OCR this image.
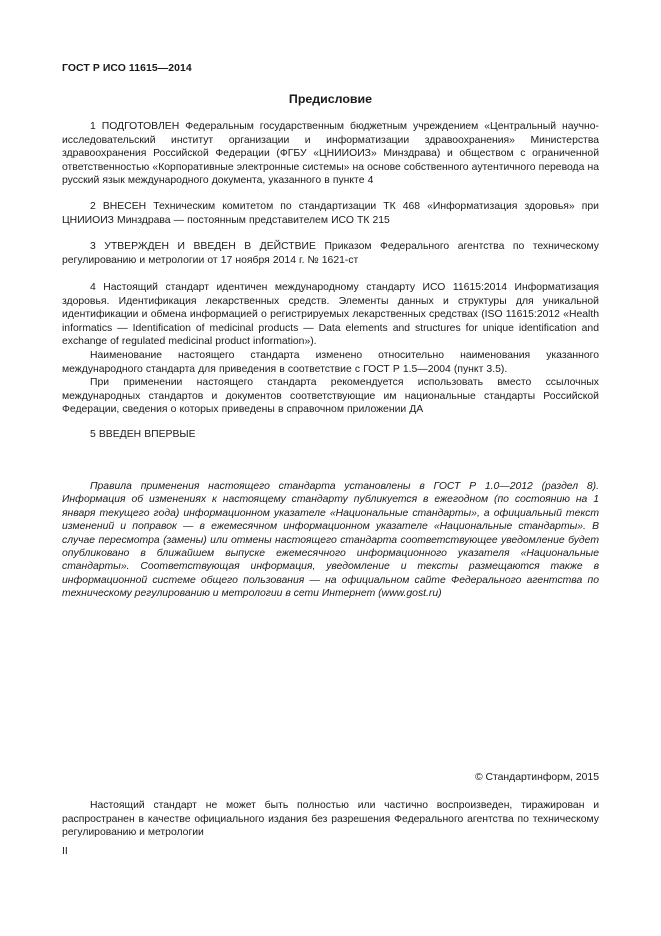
ГОСТ Р ИСО 11615—2014
Предисловие

1 ПОДГОТОВЛЕН Федеральным государственным бюджетным учреждением «Центральный научно-исследовательский институт организации и информатизации здравоохранения» Министерства здравоохранения Российской Федерации (ФГБУ «ЦНИИОИЗ» Минздрава) и обществом с ограниченной ответственностью «Корпоративные электронные системы» на основе собственного аутентичного перевода на русский язык международного документа, указанного в пункте 4

2 ВНЕСЕН Техническим комитетом по стандартизации ТК 468 «Информатизация здоровья» при ЦНИИОИЗ Минздрава — постоянным представителем ИСО ТК 215

3 УТВЕРЖДЕН И ВВЕДЕН В ДЕЙСТВИЕ Приказом Федерального агентства по техническому регулированию и метрологии от 17 ноября 2014 г. № 1621-ст

4 Настоящий стандарт идентичен международному стандарту ИСО 11615:2014 Информатизация здоровья. Идентификация лекарственных средств. Элементы данных и структуры для уникальной идентификации и обмена информацией о регистрируемых лекарственных средствах (ISO 11615:2012 «Health informatics — Identification of medicinal products — Data elements and structures for unique identification and exchange of regulated medicinal product information»).

Наименование настоящего стандарта изменено относительно наименования указанного международного стандарта для приведения в соответствие с ГОСТ Р 1.5—2004 (пункт 3.5).

При применении настоящего стандарта рекомендуется использовать вместо ссылочных международных стандартов и документов соответствующие им национальные стандарты Российской Федерации, сведения о которых приведены в справочном приложении ДА

5 ВВЕДЕН ВПЕРВЫЕ

Правила применения настоящего стандарта установлены в ГОСТ Р 1.0—2012 (раздел 8). Информация об изменениях к настоящему стандарту публикуется в ежегодном (по состоянию на 1 января текущего года) информационном указателе «Национальные стандарты», а официальный текст изменений и поправок — в ежемесячном информационном указателе «Национальные стандарты». В случае пересмотра (замены) или отмены настоящего стандарта соответствующее уведомление будет опубликовано в ближайшем выпуске ежемесячного информационного указателя «Национальные стандарты». Соответствующая информация, уведомление и тексты размещаются также в информационной системе общего пользования — на официальном сайте Федерального агентства по техническому регулированию и метрологии в сети Интернет (www.gost.ru)

© Стандартинформ, 2015

Настоящий стандарт не может быть полностью или частично воспроизведен, тиражирован и распространен в качестве официального издания без разрешения Федерального агентства по техническому регулированию и метрологии

II
